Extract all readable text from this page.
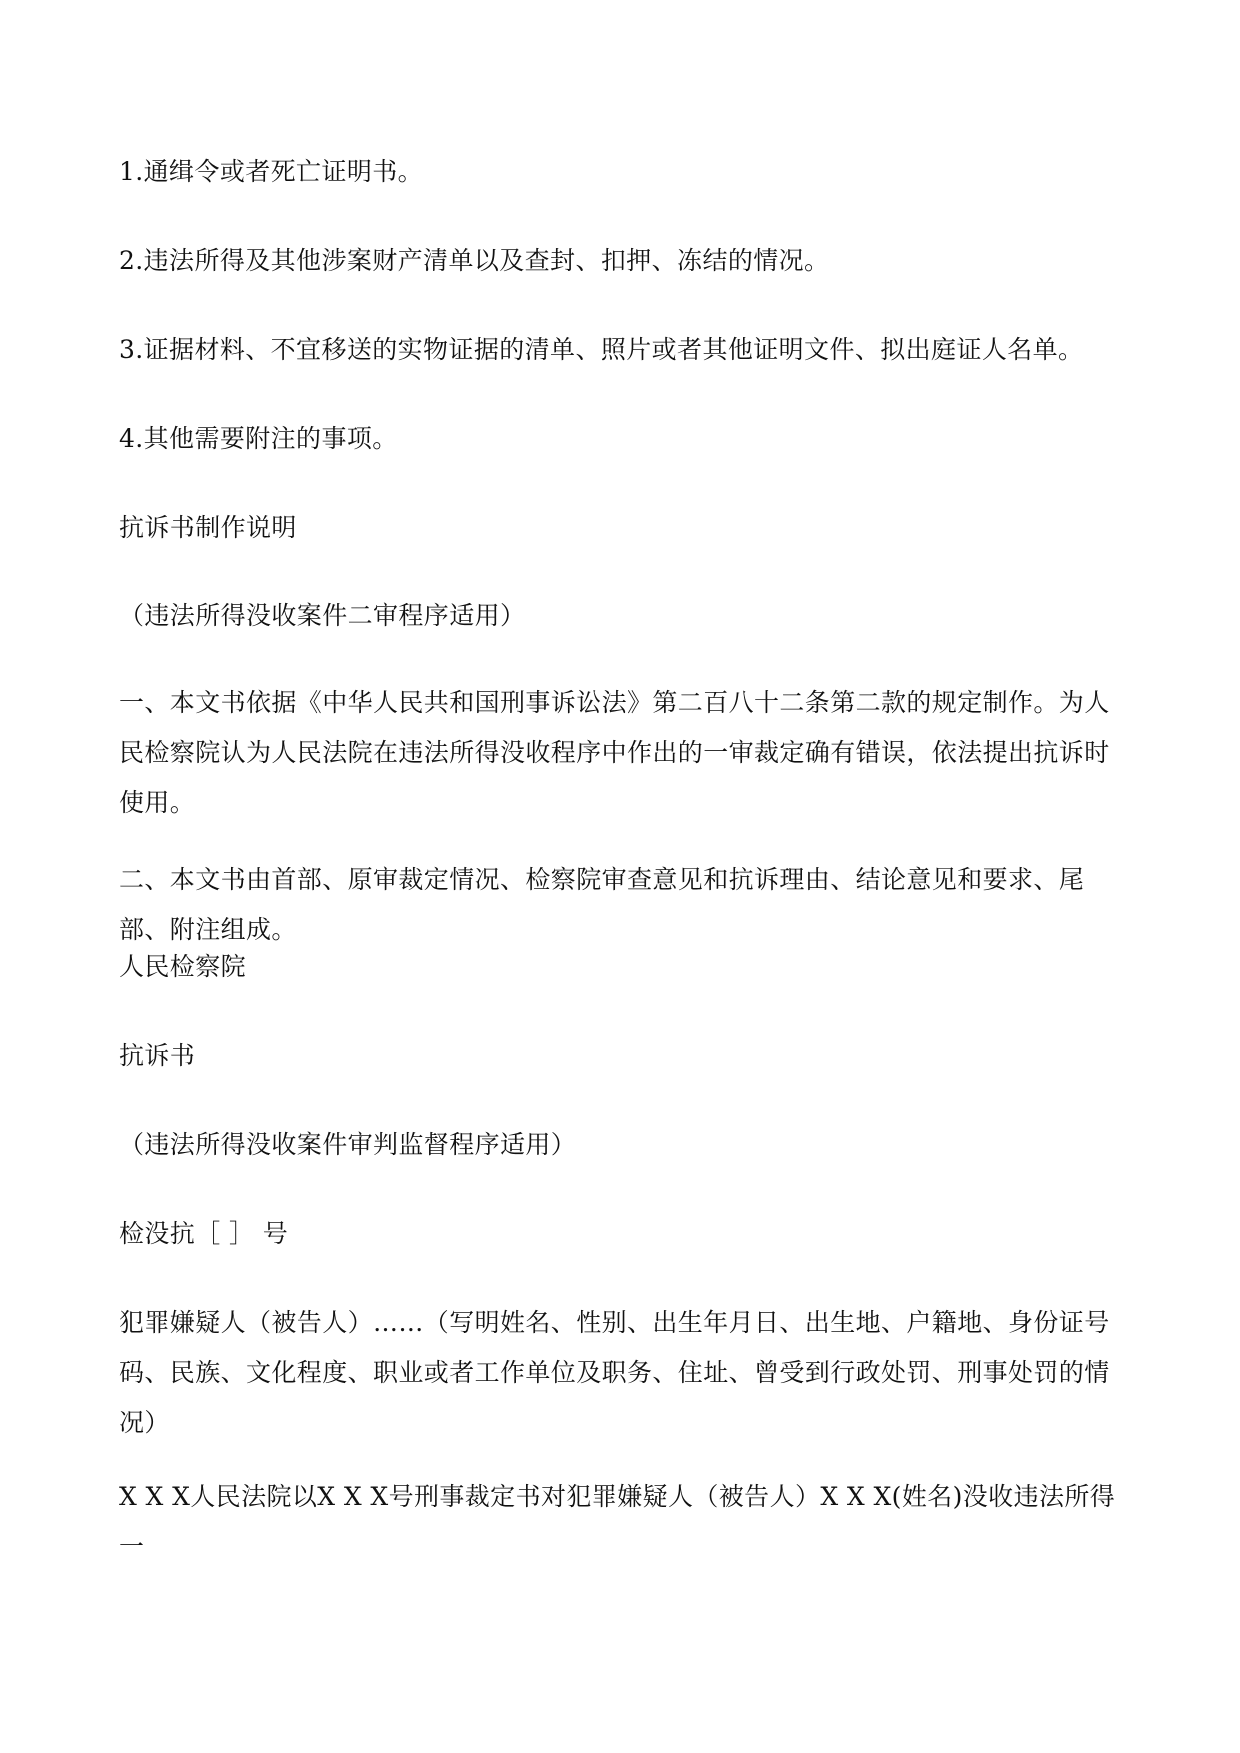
1.通缉令或者死亡证明书。

2.违法所得及其他涉案财产清单以及查封、扣押、冻结的情况。

3.证据材料、不宜移送的实物证据的清单、照片或者其他证明文件、拟出庭证人名单。

4.其他需要附注的事项。

抗诉书制作说明

（违法所得没收案件二审程序适用）

一、本文书依据《中华人民共和国刑事诉讼法》第二百八十二条第二款的规定制作。为人民检察院认为人民法院在违法所得没收程序中作出的一审裁定确有错误，依法提出抗诉时使用。

二、本文书由首部、原审裁定情况、检察院审查意见和抗诉理由、结论意见和要求、尾部、附注组成。

人民检察院

抗诉书

（违法所得没收案件审判监督程序适用）

检没抗［ ］ 号

犯罪嫌疑人（被告人）……（写明姓名、性别、出生年月日、出生地、户籍地、身份证号码、民族、文化程度、职业或者工作单位及职务、住址、曾受到行政处罚、刑事处罚的情况）

X X X人民法院以X X X号刑事裁定书对犯罪嫌疑人（被告人）X X X(姓名)没收违法所得一
